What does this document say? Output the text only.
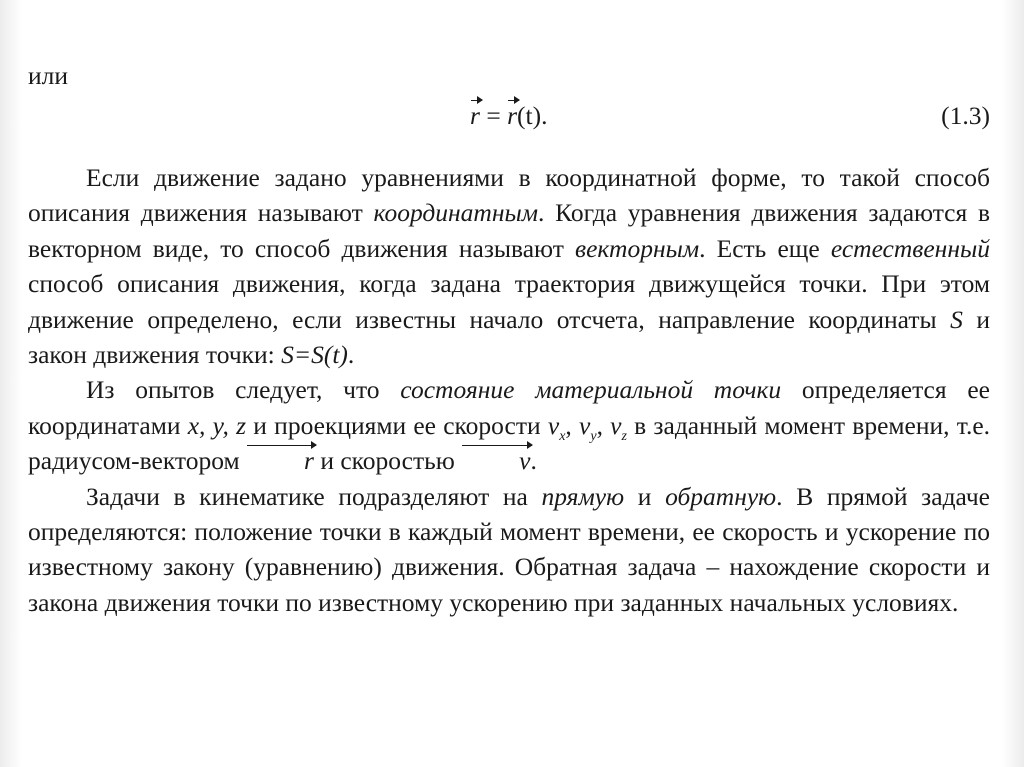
или

r = r(t).	(1.3)

Если движение задано уравнениями в координатной форме, то такой способ описания движения называют координатным. Когда уравнения движения задаются в векторном виде, то способ движения называют векторным. Есть еще естественный способ описания движения, когда задана траектория движущейся точки. При этом движение определено, если известны начало отсчета, направление координаты S и закон движения точки: S=S(t).

Из опытов следует, что состояние материальной точки определяется ее координатами x, y, z и проекциями ее скорости $v_x$, $v_y$, $v_z$ в заданный момент времени, т.е. радиусом-вектором r и скоростью v.

Задачи в кинематике подразделяют на прямую и обратную. В прямой задаче определяются: положение точки в каждый момент времени, ее скорость и ускорение по известному закону (уравнению) движения. Обратная задача – нахождение скорости и закона движения точки по известному ускорению при заданных начальных условиях.
